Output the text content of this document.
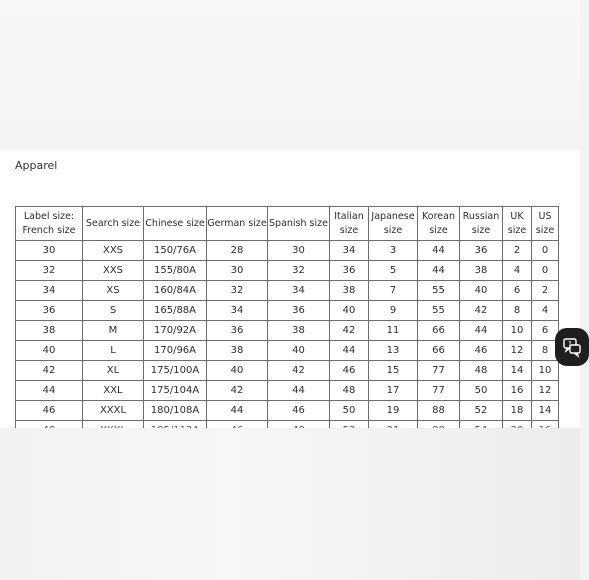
Apparel
Label size: French size	Search size	Chinese size	German size	Spanish size	Italian size	Japanese size	Korean size	Russian size	UK size	US size
30	XXS	150/76A	28	30	34	3	44	36	2	0
32	XXS	155/80A	30	32	36	5	44	38	4	0
34	XS	160/84A	32	34	38	7	55	40	6	2
36	S	165/88A	34	36	40	9	55	42	8	4
38	M	170/92A	36	38	42	11	66	44	10	6
40	L	170/96A	38	40	44	13	66	46	12	8
42	XL	175/100A	40	42	46	15	77	48	14	10
44	XXL	175/104A	42	44	48	17	77	50	16	12
46	XXXL	180/108A	44	46	50	19	88	52	18	14

?
